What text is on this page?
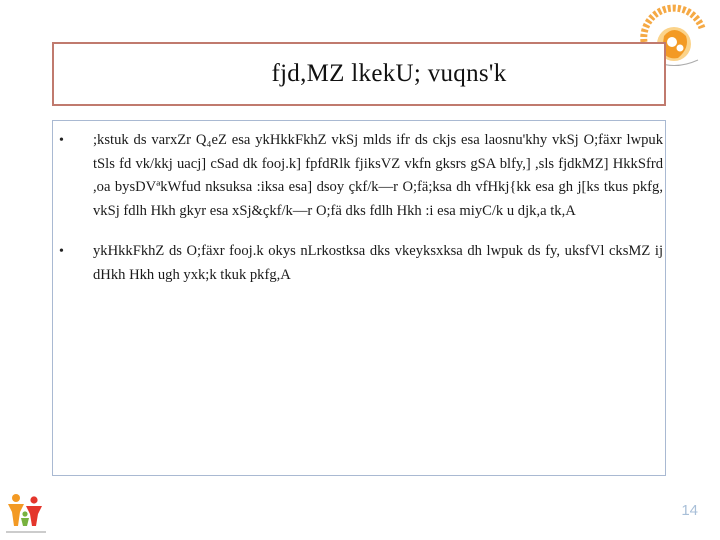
fjd,MZ lkek​U; vuqns'k
• ;kstuk ds varxZr Q₄eZ esa ykHkkFkhZ vkSj mlds ifr ds ckjs esa laosnu'khy vkSj O;fäxr lwpuk tSls fd vk/kkj uacj] cSad dk fooj.k] fpfdRlk fjiksVZ vkfn gksrs gSA blfy,] ,sls fjdkMZ] HkkSfrd ,oa bysDVªkWfud nksuksa :iksa esa] dsoy çkf/k—r O;fä;ksa dh vfHkj{kk esa gh j[ks tkus pkfg, vkSj fdlh Hkh gkyr esa xSj&çkf/k—r O;fä dks fdlh Hkh :i esa miyC/k u djk,a tk,A
• ykHkkFkhZ ds O;fäxr fooj.k okys nLrkostksa dks vkeyksxksa dh lwpuk ds fy, uksfVl cksMZ ij dHkh Hkh ugh yxk;k tkuk pkfg,A
14
